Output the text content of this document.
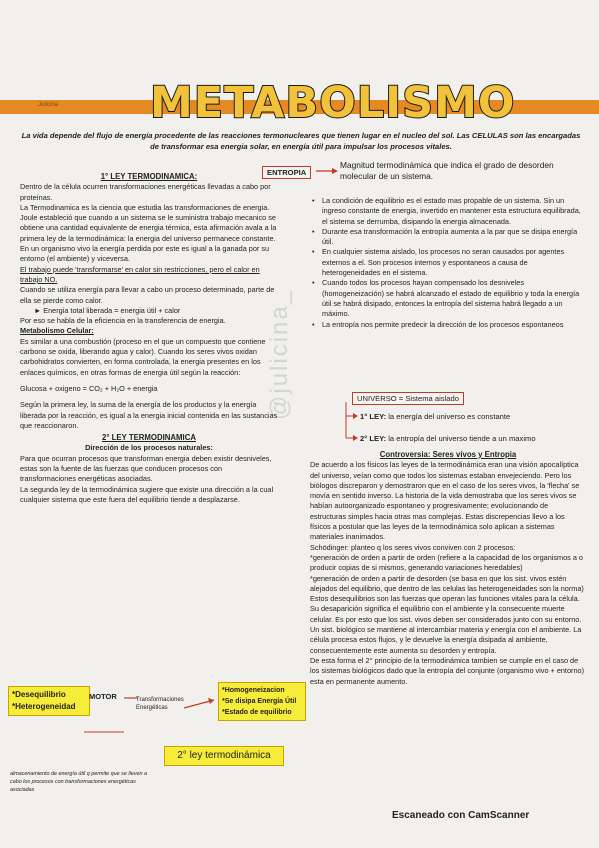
Julicina METABOLISMO
La vida depende del flujo de energía procedente de las reacciones termonucleares que tienen lugar en el nucleo del sol. Las CELULAS son las encargadas de transformar esa energia solar, en energía útil para impulsar los procesos vitales.
@julicina_
1° LEY TERMODINAMICA:

Dentro de la célula ocurren transformaciones energéticas llevadas a cabo por proteínas.

La Termodinamica es la ciencia que estudia las transformaciones de energia.

Joule estableció que cuando a un sistema se le suministra trabajo mecanico se obtiene una cantidad equivalente de energia térmica, esta afirmación avala a la primera ley de la termodinámica: la energia del universo permanece constante.

En un organismo vivo la energía perdida por este es igual a la ganada por su entorno (el ambiente) y viceversa.

El trabajo puede 'transformarse' en calor sin restricciones, pero el calor en trabajo NO.

Cuando se utiliza energía para llevar a cabo un proceso determinado, parte de ella se pierde como calor.

► Energia total liberada = energia útil + calor

Por eso se habla de la eficiencia en la transferencia de energia.

Metabolismo Celular:

Es similar a una combustión (proceso en el que un compuesto que contiene carbono se oxida, liberando agua y calor). Cuando los seres vivos oxidan carbohidratos convierten, en forma controlada, la energia presentes en los enlaces químicos, en otras formas de energia útil según la reacción:

Glucosa + oxigeno = CO₂ + H₂O + energia

Según la primera ley, la suma de la energía de los productos y la energía liberada por la reacción, es igual a la energia inicial contenida en las sustancias que reaccionaron.

2° LEY TERMODINAMICA
Dirección de los procesos naturales:

Para que ocurran procesos que transforman energia deben existir desniveles, estas son la fuente de las fuerzas que conducen procesos con transformaciones energéticas asociadas.

La segunda ley de la termodinámica sugiere que existe una dirección a la cual cualquier sistema que este fuera del equilibrio tiende a desplazarse.

*Desequilibrio
*Heterogeneidad
MOTOR	Transformaciones Energéticas
*Homogeneizacion
*Se disipa Energía Útil
*Estado de equilibrio
2° ley termodinámica
almacenamiento de energía útil q permite que se lleven a cabo los procesos con transformaciones energéticas asociadas
ENTROPIA
Magnitud termodinámica que indica el grado de desorden molecular de un sistema.

• La condición de equilibrio es el estado mas propable de un sistema. Sin un ingreso constante de energia, invertido en mantener esta estructura equilibrada, el sistema se derrumba, disipando la energia almacenada.

• Durante esa transformación la entropía aumenta a la par que se disipa energía útil.

• En cualquier sistema aislado, los procesos no seran causados por agentes externos a el. Son procesos internos y espontaneos a causa de heterogeneidades en el sistema.

• Cuando todos los procesos hayan compensado los desniveles (homogeneización) se habrá alcanzado el estado de equilibrio y toda la energía útil se habrá disipado, entonces la entropía del sistema habrá llegado a un máximo.

• La entropía nos permite predecir la dirección de los procesos espontaneos

UNIVERSO = Sistema aislado
1° LEY: la energía del universo es constante
2° LEY: la entropía del universo tiende a un maximo
Controversia: Seres vivos y Entropia

De acuerdo a los físicos las leyes de la termodinámica eran una visión apocalíptica del universo, veían como que todos los sistemas estaban envejeciendo. Pero los biólogos discreparon y demostraron que en el caso de los seres vivos, la 'flecha' se movía en sentido inverso. La historia de la vida demostraba que los seres vivos se habían autoorganizado espontaneo y progresivamente; evolucionando de estructuras simples hacia otras mas complejas. Estas discrepencias llevo a los físicos a postular que las leyes de la termodinámica solo aplican a sistemas materiales inanimados.

Schödinger: planteo q los seres vivos conviven con 2 procesos:

*generación de orden a partir de orden (refiere a la capacidad de los organismos a o producir copias de si mismos, generando variaciones heredables)

*generación de orden a partir de desorden (se basa en que los sist. vivos estén alejados del equilibrio, que dentro de las celulas las heterogeneidades son la norma)

Estos desequilibrios son las fuerzas que operan las funciones vitales para la célula. Su desaparición significa el equilibrio con el ambiente y la consecuente muerte celular. Es por esto que los sist. vivos deben ser considerados junto con su entorno. Un sist. biológico se mantiene al intercambiar materia y energía con el ambiente. La célula procesa estos flujos, y le devuelve la energía disipada al ambiente, consecuentemente este aumenta su desorden y entropía.

De esta forma el 2° principio de la termodinámica tambien se cumple en el caso de los sistemas biológicos dado que la entropía del conjunte (organismo vivo + entorno) esta en permanente aumento.

Escaneado con CamScanner
